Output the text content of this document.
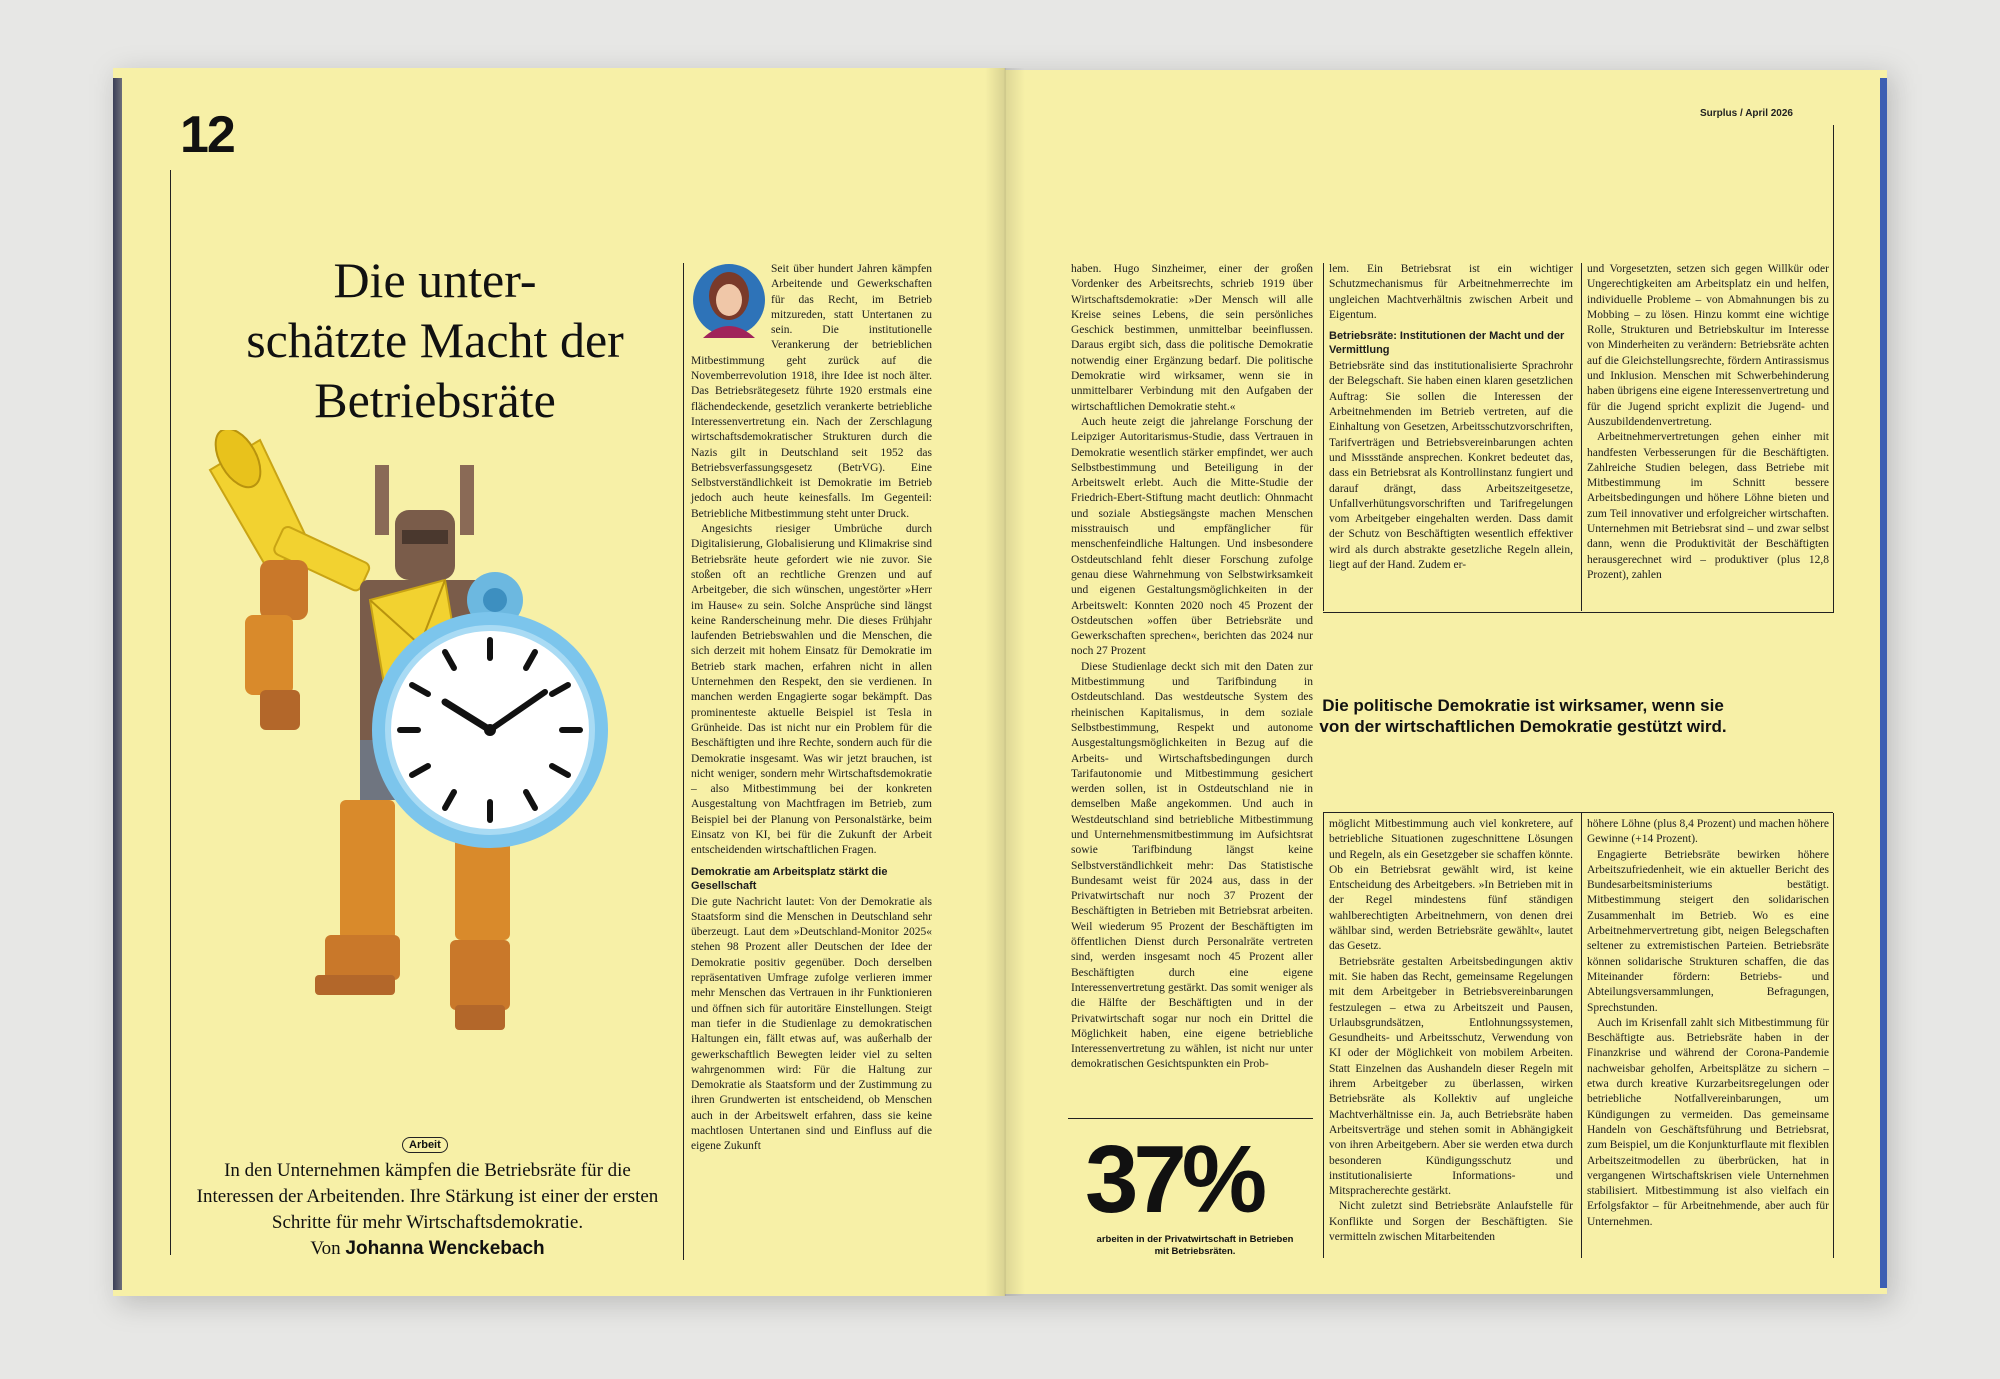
12	Surplus / April 2026
Die unter-
schätzte Macht der
Betriebsräte

Seit über hundert Jahren kämpfen Arbeitende und Gewerkschaften für das Recht, im Betrieb mitzureden, statt Untertanen zu sein. Die institutionelle Verankerung der betrieblichen Mitbestimmung geht zurück auf die Novemberrevolution 1918, ihre Idee ist noch älter. Das Betriebsrätegesetz führte 1920 erstmals eine flächendeckende, gesetzlich verankerte betriebliche Interessenvertretung ein. Nach der Zerschlagung wirtschaftsdemokratischer Strukturen durch die Nazis gilt in Deutschland seit 1952 das Betriebsverfassungsgesetz (BetrVG). Eine Selbstverständlichkeit ist Demokratie im Betrieb jedoch auch heute keinesfalls. Im Gegenteil: Betriebliche Mitbestimmung steht unter Druck.

Angesichts riesiger Umbrüche durch Digitalisierung, Globalisierung und Klimakrise sind Betriebsräte heute gefordert wie nie zuvor. Sie stoßen oft an rechtliche Grenzen und auf Arbeitgeber, die sich wünschen, ungestörter »Herr im Hause« zu sein. Solche Ansprüche sind längst keine Randerscheinung mehr. Die dieses Frühjahr laufenden Betriebswahlen und die Menschen, die sich derzeit mit hohem Einsatz für Demokratie im Betrieb stark machen, erfahren nicht in allen Unternehmen den Respekt, den sie verdienen. In manchen werden Engagierte sogar bekämpft. Das prominenteste aktuelle Beispiel ist Tesla in Grünheide. Das ist nicht nur ein Problem für die Beschäftigten und ihre Rechte, sondern auch für die Demokratie insgesamt. Was wir jetzt brauchen, ist nicht weniger, sondern mehr Wirtschaftsdemokratie – also Mitbestimmung bei der konkreten Ausgestaltung von Machtfragen im Betrieb, zum Beispiel bei der Planung von Personalstärke, beim Einsatz von KI, bei für die Zukunft der Arbeit entscheidenden wirtschaftlichen Fragen.

Demokratie am Arbeitsplatz stärkt die Gesellschaft

Die gute Nachricht lautet: Von der Demokratie als Staatsform sind die Menschen in Deutschland sehr überzeugt. Laut dem »Deutschland-Monitor 2025« stehen 98 Prozent aller Deutschen der Idee der Demokratie positiv gegenüber. Doch derselben repräsentativen Umfrage zufolge verlieren immer mehr Menschen das Vertrauen in ihr Funktionieren und öffnen sich für autoritäre Einstellungen. Steigt man tiefer in die Studienlage zu demokratischen Haltungen ein, fällt etwas auf, was außerhalb der gewerkschaftlich Bewegten leider viel zu selten wahrgenommen wird: Für die Haltung zur Demokratie als Staatsform und der Zustimmung zu ihren Grundwerten ist entscheidend, ob Menschen auch in der Arbeitswelt erfahren, dass sie keine machtlosen Untertanen sind und Einfluss auf die eigene Zukunft

haben. Hugo Sinzheimer, einer der großen Vordenker des Arbeitsrechts, schrieb 1919 über Wirtschaftsdemokratie: »Der Mensch will alle Kreise seines Lebens, die sein persönliches Geschick bestimmen, unmittelbar beeinflussen. Daraus ergibt sich, dass die politische Demokratie notwendig einer Ergänzung bedarf. Die politische Demokratie wird wirksamer, wenn sie in unmittelbarer Verbindung mit den Aufgaben der wirtschaftlichen Demokratie steht.«

Auch heute zeigt die jahrelange Forschung der Leipziger Autoritarismus-Studie, dass Vertrauen in Demokratie wesentlich stärker empfindet, wer auch Selbstbestimmung und Beteiligung in der Arbeitswelt erlebt. Auch die Mitte-Studie der Friedrich-Ebert-Stiftung macht deutlich: Ohnmacht und soziale Abstiegsängste machen Menschen misstrauisch und empfänglicher für menschenfeindliche Haltungen. Und insbesondere Ostdeutschland fehlt dieser Forschung zufolge genau diese Wahrnehmung von Selbstwirksamkeit und eigenen Gestaltungsmöglichkeiten in der Arbeitswelt: Konnten 2020 noch 45 Prozent der Ostdeutschen »offen über Betriebsräte und Gewerkschaften sprechen«, berichten das 2024 nur noch 27 Prozent

Diese Studienlage deckt sich mit den Daten zur Mitbestimmung und Tarifbindung in Ostdeutschland. Das westdeutsche System des rheinischen Kapitalismus, in dem soziale Selbstbestimmung, Respekt und autonome Ausgestaltungsmöglichkeiten in Bezug auf die Arbeits- und Wirtschaftsbedingungen durch Tarifautonomie und Mitbestimmung gesichert werden sollen, ist in Ostdeutschland nie in demselben Maße angekommen. Und auch in Westdeutschland sind betriebliche Mitbestimmung und Unternehmensmitbestimmung im Aufsichtsrat sowie Tarifbindung längst keine Selbstverständlichkeit mehr: Das Statistische Bundesamt weist für 2024 aus, dass in der Privatwirtschaft nur noch 37 Prozent der Beschäftigten in Betrieben mit Betriebsrat arbeiten. Weil wiederum 95 Prozent der Beschäftigten im öffentlichen Dienst durch Personalräte vertreten sind, werden insgesamt noch 45 Prozent aller Beschäftigten durch eine eigene Interessenvertretung gestärkt. Das somit weniger als die Hälfte der Beschäftigten und in der Privatwirtschaft sogar nur noch ein Drittel die Möglichkeit haben, eine eigene betriebliche Interessenvertretung zu wählen, ist nicht nur unter demokratischen Gesichtspunkten ein Prob-

lem. Ein Betriebsrat ist ein wichtiger Schutzmechanismus für Arbeitnehmerrechte im ungleichen Machtverhältnis zwischen Arbeit und Eigentum.

Betriebsräte: Institutionen der Macht und der Vermittlung

Betriebsräte sind das institutionalisierte Sprachrohr der Belegschaft. Sie haben einen klaren gesetzlichen Auftrag: Sie sollen die Interessen der Arbeitnehmenden im Betrieb vertreten, auf die Einhaltung von Gesetzen, Arbeitsschutzvorschriften, Tarifverträgen und Betriebsvereinbarungen achten und Missstände ansprechen. Konkret bedeutet das, dass ein Betriebsrat als Kontrollinstanz fungiert und darauf drängt, dass Arbeitszeitgesetze, Unfallverhütungsvorschriften und Tarifregelungen vom Arbeitgeber eingehalten werden. Dass damit der Schutz von Beschäftigten wesentlich effektiver wird als durch abstrakte gesetzliche Regeln allein, liegt auf der Hand. Zudem er-

und Vorgesetzten, setzen sich gegen Willkür oder Ungerechtigkeiten am Arbeitsplatz ein und helfen, individuelle Probleme – von Abmahnungen bis zu Mobbing – zu lösen. Hinzu kommt eine wichtige Rolle, Strukturen und Betriebskultur im Interesse von Minderheiten zu verändern: Betriebsräte achten auf die Gleichstellungsrechte, fördern Antirassismus und Inklusion. Menschen mit Schwerbehinderung haben übrigens eine eigene Interessenvertretung und für die Jugend spricht explizit die Jugend- und Auszubildendenvertretung.

Arbeitnehmervertretungen gehen einher mit handfesten Verbesserungen für die Beschäftigten. Zahlreiche Studien belegen, dass Betriebe mit Mitbestimmung im Schnitt bessere Arbeitsbedingungen und höhere Löhne bieten und zum Teil innovativer und erfolgreicher wirtschaften. Unternehmen mit Betriebsrat sind – und zwar selbst dann, wenn die Produktivität der Beschäftigten herausgerechnet wird – produktiver (plus 12,8 Prozent), zahlen

Die politische Demokratie ist wirksamer, wenn sie von der wirtschaftlichen Demokratie gestützt wird.

möglicht Mitbestimmung auch viel konkretere, auf betriebliche Situationen zugeschnittene Lösungen und Regeln, als ein Gesetzgeber sie schaffen könnte. Ob ein Betriebsrat gewählt wird, ist keine Entscheidung des Arbeitgebers. »In Betrieben mit in der Regel mindestens fünf ständigen wahlberechtigten Arbeitnehmern, von denen drei wählbar sind, werden Betriebsräte gewählt«, lautet das Gesetz.

Betriebsräte gestalten Arbeitsbedingungen aktiv mit. Sie haben das Recht, gemeinsame Regelungen mit dem Arbeitgeber in Betriebsvereinbarungen festzulegen – etwa zu Arbeitszeit und Pausen, Urlaubsgrundsätzen, Entlohnungssystemen, Gesundheits- und Arbeitsschutz, Verwendung von KI oder der Möglichkeit von mobilem Arbeiten. Statt Einzelnen das Aushandeln dieser Regeln mit ihrem Arbeitgeber zu überlassen, wirken Betriebsräte als Kollektiv auf ungleiche Machtverhältnisse ein. Ja, auch Betriebsräte haben Arbeitsverträge und stehen somit in Abhängigkeit von ihren Arbeitgebern. Aber sie werden etwa durch besonderen Kündigungsschutz und institutionalisierte Informations- und Mitspracherechte gestärkt.

Nicht zuletzt sind Betriebsräte Anlaufstelle für Konflikte und Sorgen der Beschäftigten. Sie vermitteln zwischen Mitarbeitenden

höhere Löhne (plus 8,4 Prozent) und machen höhere Gewinne (+14 Prozent).

Engagierte Betriebsräte bewirken höhere Arbeitszufriedenheit, wie ein aktueller Bericht des Bundesarbeitsministeriums bestätigt. Mitbestimmung steigert den solidarischen Zusammenhalt im Betrieb. Wo es eine Arbeitnehmervertretung gibt, neigen Belegschaften seltener zu extremistischen Parteien. Betriebsräte können solidarische Strukturen schaffen, die das Miteinander fördern: Betriebs- und Abteilungsversammlungen, Befragungen, Sprechstunden.

Auch im Krisenfall zahlt sich Mitbestimmung für Beschäftigte aus. Betriebsräte haben in der Finanzkrise und während der Corona-Pandemie nachweisbar geholfen, Arbeitsplätze zu sichern – etwa durch kreative Kurzarbeitsregelungen oder betriebliche Notfallvereinbarungen, um Kündigungen zu vermeiden. Das gemeinsame Handeln von Geschäftsführung und Betriebsrat, zum Beispiel, um die Konjunkturflaute mit flexiblen Arbeitszeitmodellen zu überbrücken, hat in vergangenen Wirtschaftskrisen viele Unternehmen stabilisiert. Mitbestimmung ist also vielfach ein Erfolgsfaktor – für Arbeitnehmende, aber auch für Unternehmen.

37%
arbeiten in der Privatwirtschaft in Betrieben mit Betriebsräten.
Arbeit
In den Unternehmen kämpfen die Betriebsräte für die Interessen der Arbeitenden. Ihre Stärkung ist einer der ersten Schritte für mehr Wirtschaftsdemokratie.
Von Johanna Wenckebach
